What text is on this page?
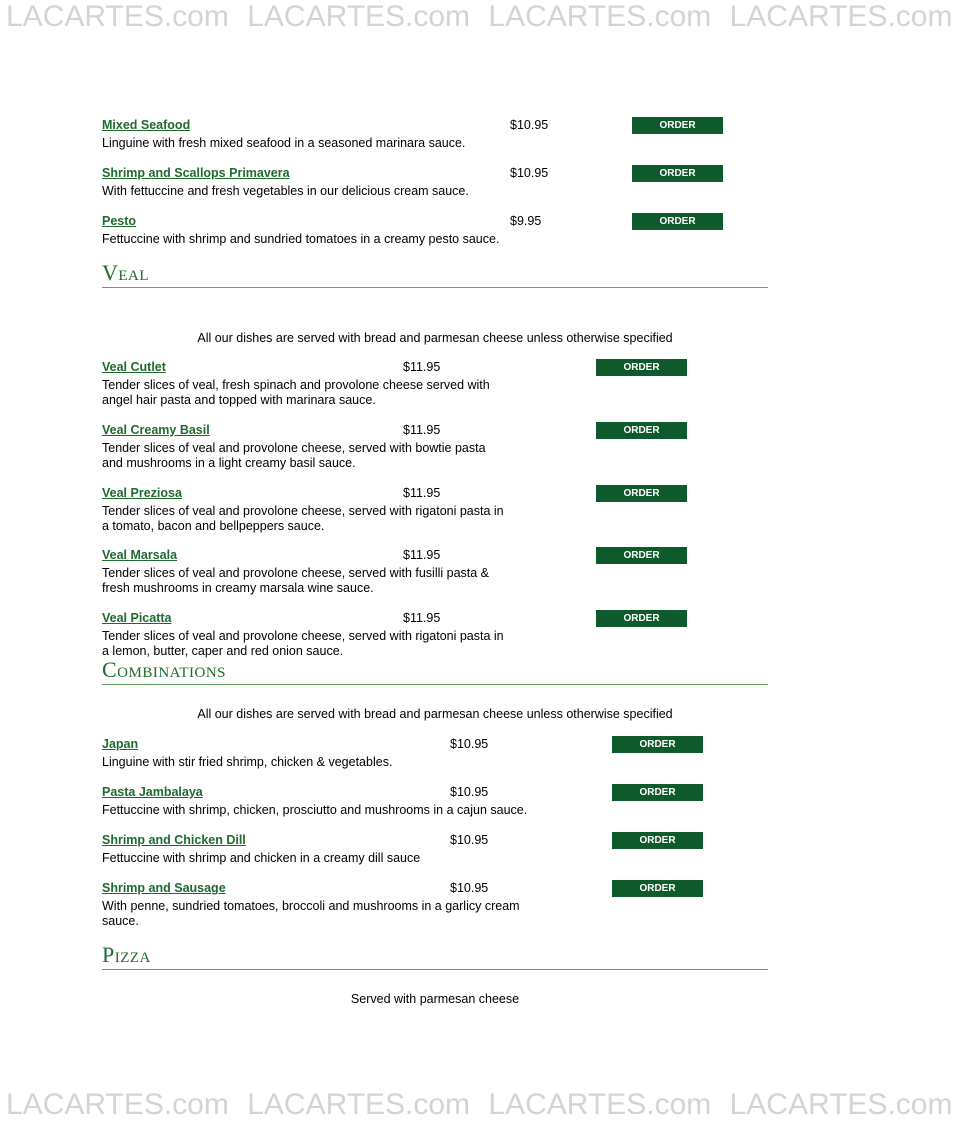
LACARTES.com LACARTES.com LACARTES.com LACARTES.com
LACARTES.com LACARTES.com LACARTES.com LACARTES.com
Mixed Seafood	$10.95	ORDER
Linguine with fresh mixed seafood in a seasoned marinara sauce.
Shrimp and Scallops Primavera	$10.95	ORDER
With fettuccine and fresh vegetables in our delicious cream sauce.
Pesto	$9.95	ORDER
Fettuccine with shrimp and sundried tomatoes in a creamy pesto sauce.
Veal
All our dishes are served with bread and parmesan cheese unless otherwise specified
Veal Cutlet	$11.95	ORDER
Tender slices of veal, fresh spinach and provolone cheese served with angel hair pasta and topped with marinara sauce.
Veal Creamy Basil	$11.95	ORDER
Tender slices of veal and provolone cheese, served with bowtie pasta and mushrooms in a light creamy basil sauce.
Veal Preziosa	$11.95	ORDER
Tender slices of veal and provolone cheese, served with rigatoni pasta in a tomato, bacon and bellpeppers sauce.
Veal Marsala	$11.95	ORDER
Tender slices of veal and provolone cheese, served with fusilli pasta & fresh mushrooms in creamy marsala wine sauce.
Veal Picatta	$11.95	ORDER
Tender slices of veal and provolone cheese, served with rigatoni pasta in a lemon, butter, caper and red onion sauce.
Combinations
All our dishes are served with bread and parmesan cheese unless otherwise specified
Japan	$10.95	ORDER
Linguine with stir fried shrimp, chicken & vegetables.
Pasta Jambalaya	$10.95	ORDER
Fettuccine with shrimp, chicken, prosciutto and mushrooms in a cajun sauce.
Shrimp and Chicken Dill	$10.95	ORDER
Fettuccine with shrimp and chicken in a creamy dill sauce
Shrimp and Sausage	$10.95	ORDER
With penne, sundried tomatoes, broccoli and mushrooms in a garlicy cream sauce.
Pizza
Served with parmesan cheese
